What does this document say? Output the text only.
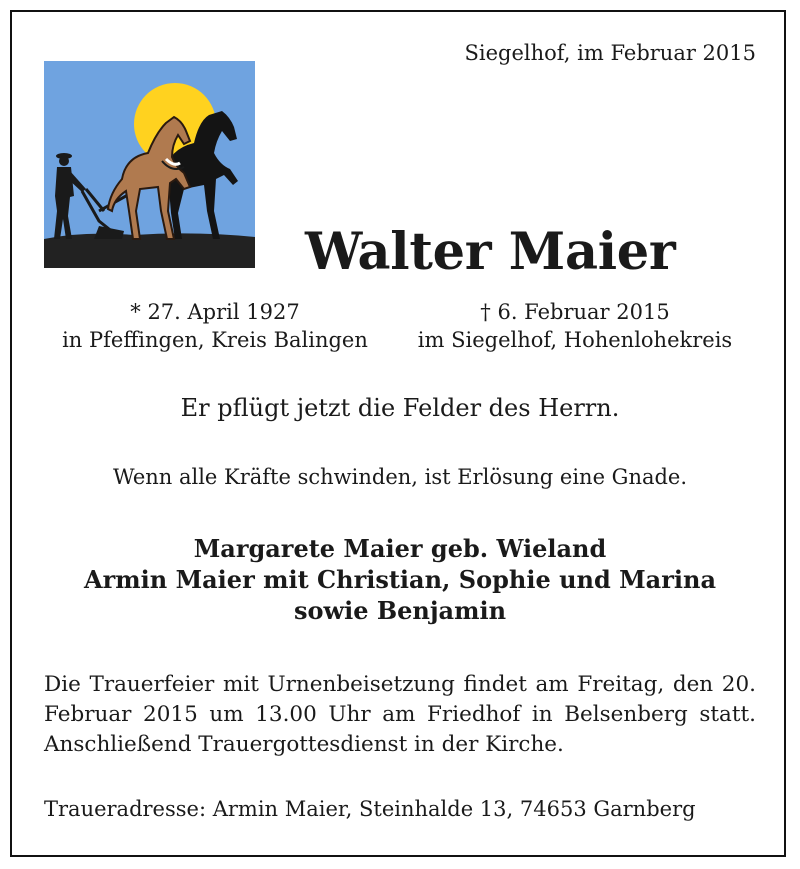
Siegelhof, im Februar 2015
Walter Maier
* 27. April 1927
in Pfeffingen, Kreis Balingen
† 6. Februar 2015
im Siegelhof, Hohenlohekreis
Er pflügt jetzt die Felder des Herrn.
Wenn alle Kräfte schwinden, ist Erlösung eine Gnade.
Margarete Maier geb. Wieland
Armin Maier mit Christian, Sophie und Marina
sowie Benjamin
Die Trauerfeier mit Urnenbeisetzung findet am Freitag, den 20. Februar 2015 um 13.00 Uhr am Friedhof in Belsenberg statt. Anschließend Trauergottesdienst in der Kirche.
Traueradresse: Armin Maier, Steinhalde 13, 74653 Garnberg
